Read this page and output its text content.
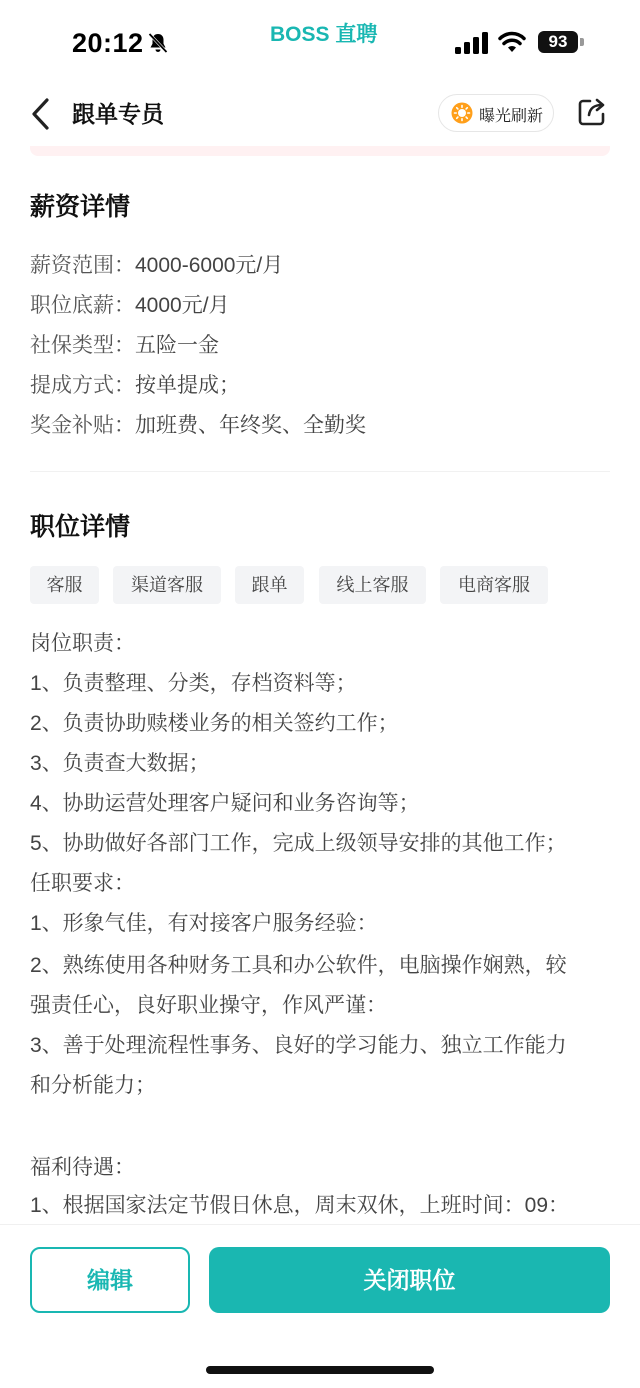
20:12	BOSS 直聘	93
跟单专员	曝光刷新
薪资详情
薪资范围：4000-6000元/月
职位底薪：4000元/月
社保类型：五险一金
提成方式：按单提成；
奖金补贴：加班费、年终奖、全勤奖
职位详情
客服	渠道客服	跟单	线上客服	电商客服
岗位职责：
1、负责整理、分类，存档资料等；
2、负责协助赎楼业务的相关签约工作；
3、负责查大数据；
4、协助运营处理客户疑问和业务咨询等；
5、协助做好各部门工作，完成上级领导安排的其他工作；
任职要求：
1、形象气佳，有对接客户服务经验：
2、熟练使用各种财务工具和办公软件，电脑操作娴熟，较
强责任心，良好职业操守，作风严谨：
3、善于处理流程性事务、良好的学习能力、独立工作能力
和分析能力；
福利待遇：
1、根据国家法定节假日休息，周末双休，上班时间：09：
编辑	关闭职位
